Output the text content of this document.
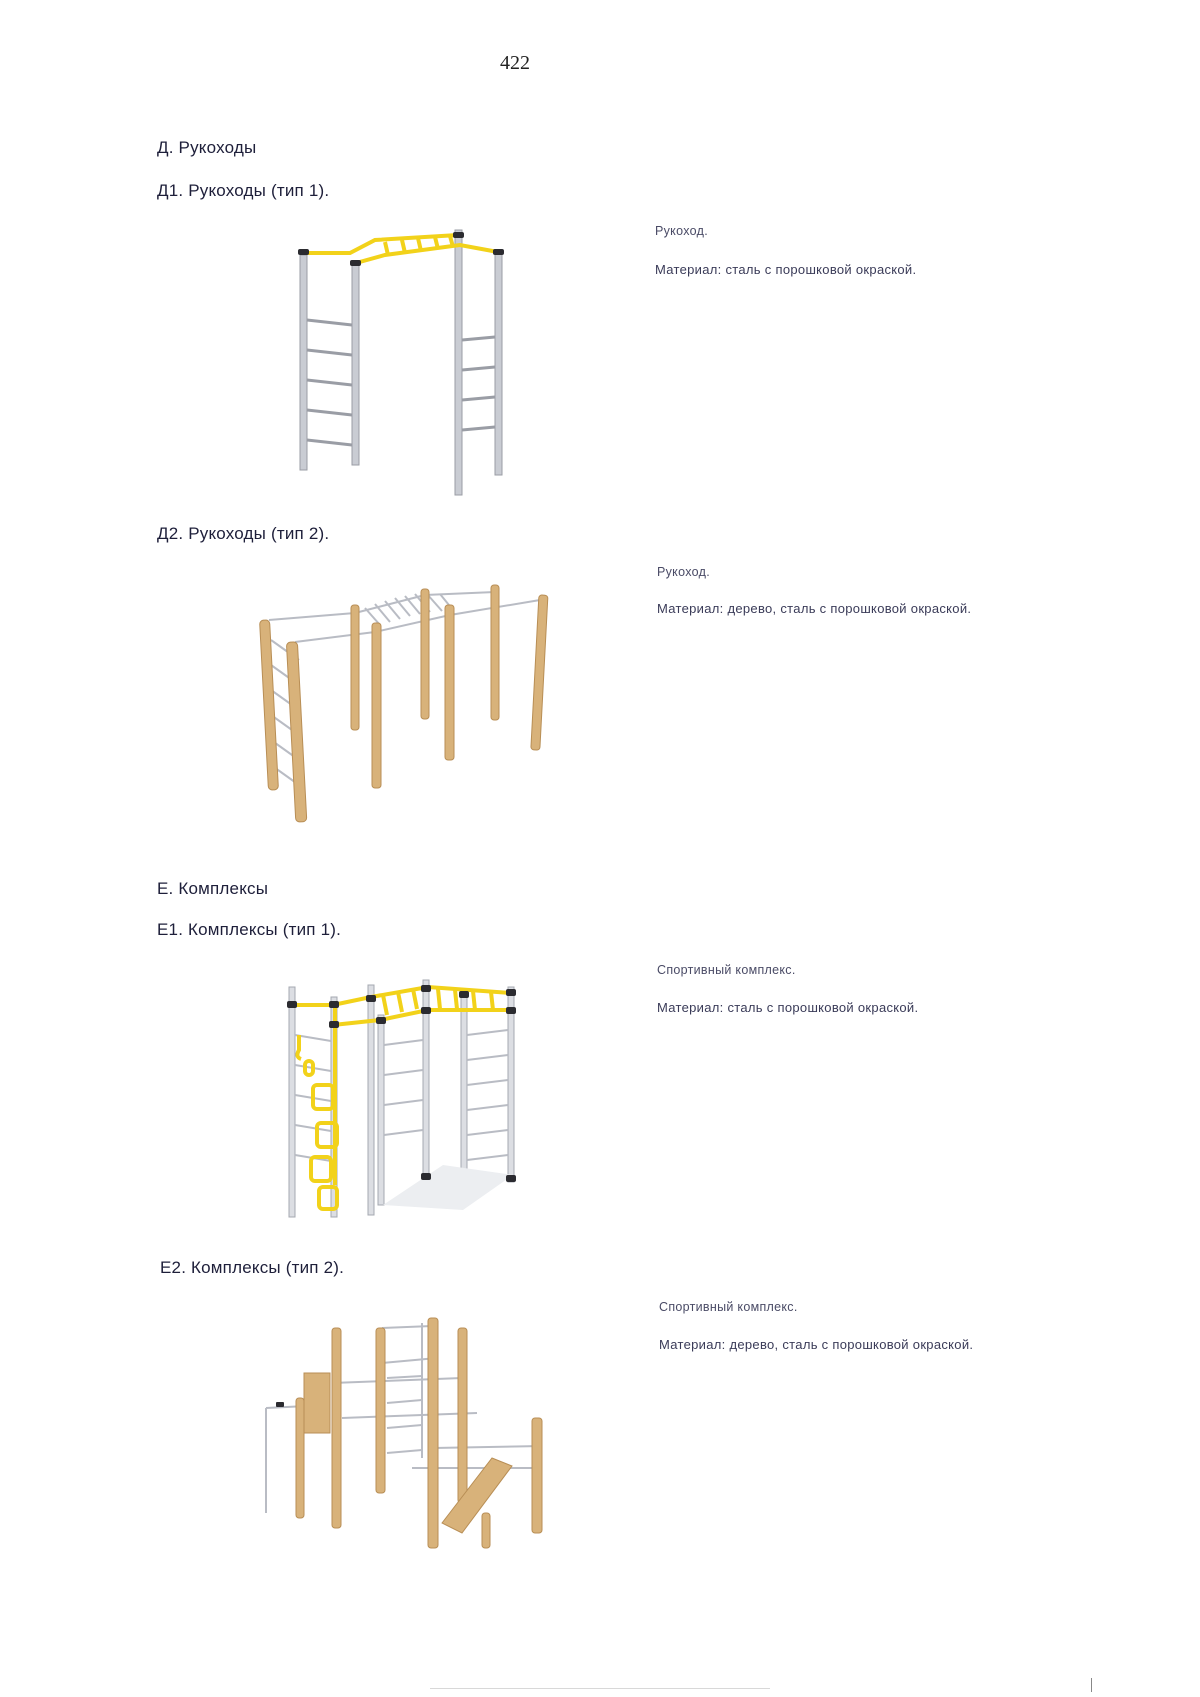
422
Д. Рукоходы
Д1. Рукоходы (тип 1).
Рукоход.
Материал: сталь с порошковой окраской.
Д2. Рукоходы (тип 2).
Рукоход.
Материал: дерево, сталь с порошковой окраской.
Е. Комплексы
Е1. Комплексы (тип 1).
Спортивный комплекс.
Материал: сталь с порошковой окраской.
Е2. Комплексы (тип 2).
Спортивный комплекс.
Материал: дерево, сталь с порошковой окраской.
